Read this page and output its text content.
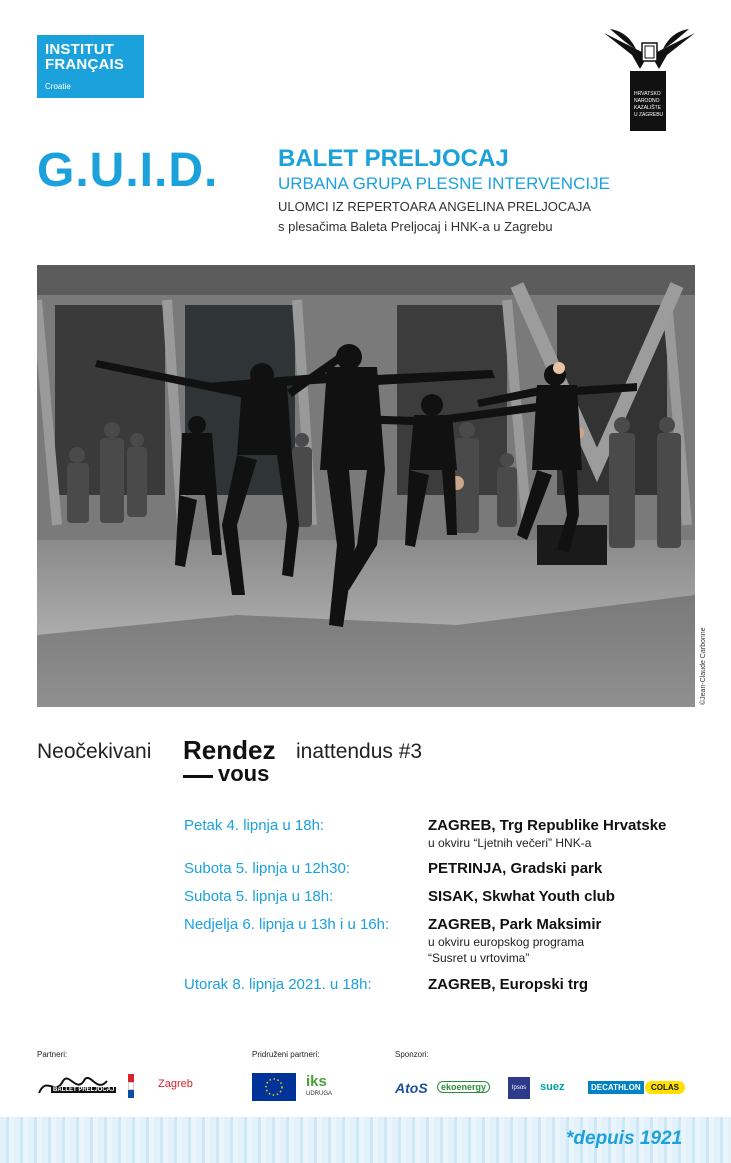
INSTITUT
FRANÇAIS
Croatie
HRVATSKO
NARODNO
KAZALIŠTE
U ZAGREBU
G.U.I.D. BALET PRELJOCAJ
URBANA GRUPA PLESNE INTERVENCIJE
ULOMCI IZ REPERTOARA ANGELINA PRELJOCAJA
s plesačima Baleta Preljocaj i HNK-a u Zagrebu
©Jean-Claude Carbonne
Neočekivani Rendez
vous
inattendus #3
Petak 4. lipnja u 18h:	ZAGREB, Trg Republike Hrvatske
u okviru “Ljetnih večeri” HNK-a
Subota 5. lipnja u 12h30:	PETRINJA, Gradski park
Subota 5. lipnja u 18h:	SISAK, Skwhat Youth club
Nedjelja 6. lipnja u 13h i u 16h:	ZAGREB, Park Maksimir
u okviru europskog programa
“Susret u vrtovima”
Utorak 8. lipnja 2021. u 18h:	ZAGREB, Europski trg
Partneri:	Pridruženi partneri:	Sponzori:
BALLET PRELJOCAJ	Zagreb	iks
UDRUGA	AtoS	ekoenergy	Ipsos	suez	DECATHLON	COLAS
*depuis 1921
